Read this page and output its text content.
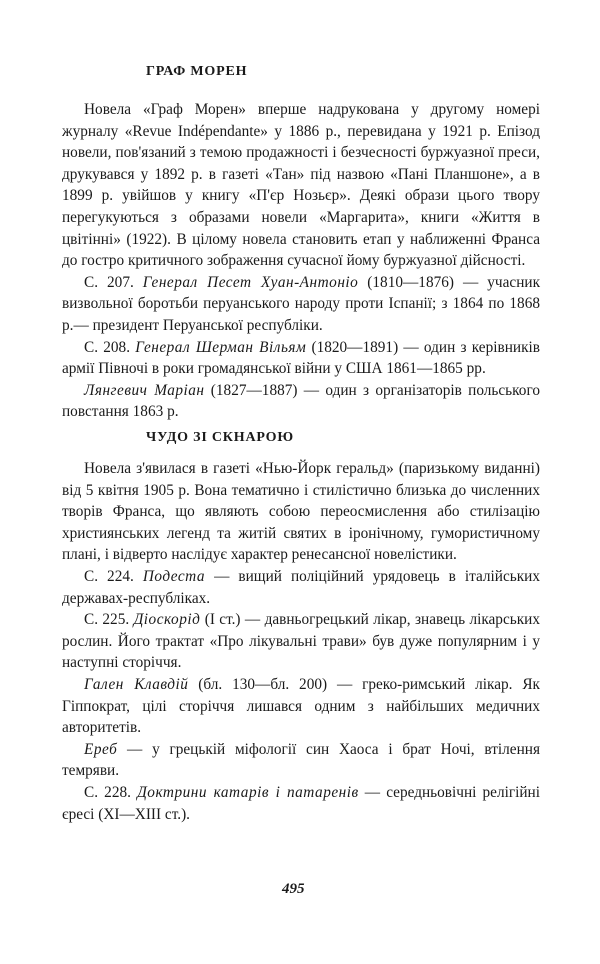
ГРАФ МОРЕН

Новела «Граф Морен» вперше надрукована у другому номері журналу «Revue Indépendante» у 1886 р., перевидана у 1921 р. Епізод новели, пов'язаний з темою продажності і безчесності буржуазної преси, друкувався у 1892 р. в газеті «Тан» під назвою «Пані Планшоне», а в 1899 р. увійшов у книгу «П'єр Нозьєр». Деякі образи цього твору перегукуються з образами новели «Маргарита», книги «Життя в цвітінні» (1922). В цілому новела становить етап у наближенні Франса до гостро критичного зображення сучасної йому буржуазної дійсності.

С. 207. Генерал Песет Хуан-Антоніо (1810—1876) — учасник визвольної боротьби перуанського народу проти Іспанії; з 1864 по 1868 р.— президент Перуанської республіки.

С. 208. Генерал Шерман Вільям (1820—1891) — один з керівників армії Півночі в роки громадянської війни у США 1861—1865 рр.

Лянгевич Маріан (1827—1887) — один з організаторів польського повстання 1863 р.

ЧУДО ЗІ СКНАРОЮ

Новела з'явилася в газеті «Нью-Йорк геральд» (паризькому виданні) від 5 квітня 1905 р. Вона тематично і стилістично близька до численних творів Франса, що являють собою переосмислення або стилізацію християнських легенд та житій святих в іронічному, гумористичному плані, і відверто наслідує характер ренесансної новелістики.

С. 224. Подеста — вищий поліційний урядовець в італійських державах-республіках.

С. 225. Діоскорід (I ст.) — давньогрецький лікар, знавець лікарських рослин. Його трактат «Про лікувальні трави» був дуже популярним і у наступні сторіччя.

Гален Клавдій (бл. 130—бл. 200) — греко-римський лікар. Як Гіппократ, цілі сторіччя лишався одним з найбільших медичних авторитетів.

Ереб — у грецькій міфології син Хаоса і брат Ночі, втілення темряви.

С. 228. Доктрини катарів і патаренів — середньовічні релігійні єресі (XI—XIII ст.).

495
